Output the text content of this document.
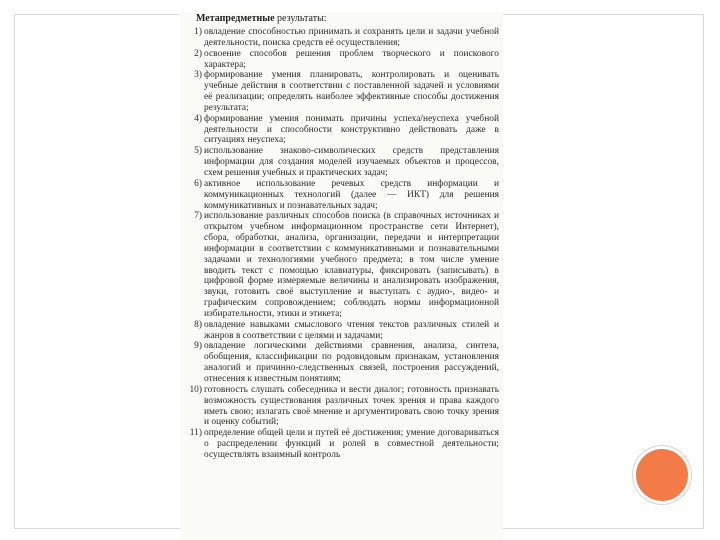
Метапредметные результаты:
1) овладение способностью принимать и сохранять цели и задачи учебной деятельности, поиска средств её осуществления;
2) освоение способов решения проблем творческого и поискового характера;
3) формирование умения планировать, контролировать и оценивать учебные действия в соответствии с поставленной задачей и условиями её реализации; определять наиболее эффективные способы достижения результата;
4) формирование умения понимать причины успеха/неуспеха учебной деятельности и способности конструктивно действовать даже в ситуациях неуспеха;
5) использование знаково-символических средств представления информации для создания моделей изучаемых объектов и процессов, схем решения учебных и практических задач;
6) активное использование речевых средств информации и коммуникационных технологий (далее — ИКТ) для решения коммуникативных и познавательных задач;
7) использование различных способов поиска (в справочных источниках и открытом учебном информационном пространстве сети Интернет), сбора, обработки, анализа, организации, передачи и интерпретации информации в соответствии с коммуникативными и познавательными задачами и технологиями учебного предмета; в том числе умение вводить текст с помощью клавиатуры, фиксировать (записывать) в цифровой форме измеряемые величины и анализировать изображения, звуки, готовить своё выступление и выступать с аудио-, видео- и графическим сопровождением; соблюдать нормы информационной избирательности, этики и этикета;
8) овладение навыками смыслового чтения текстов различных стилей и жанров в соответствии с целями и задачами;
9) овладение логическими действиями сравнения, анализа, синтеза, обобщения, классификации по родовидовым признакам, установления аналогий и причинно-следственных связей, построения рассуждений, отнесения к известным понятиям;
10) готовность слушать собеседника и вести диалог; готовность признавать возможность существования различных точек зрения и права каждого иметь свою; излагать своё мнение и аргументировать свою точку зрения и оценку событий;
11) определение общей цели и путей её достижения; умение договариваться о распределении функций и ролей в совместной деятельности; осуществлять взаимный контроль
